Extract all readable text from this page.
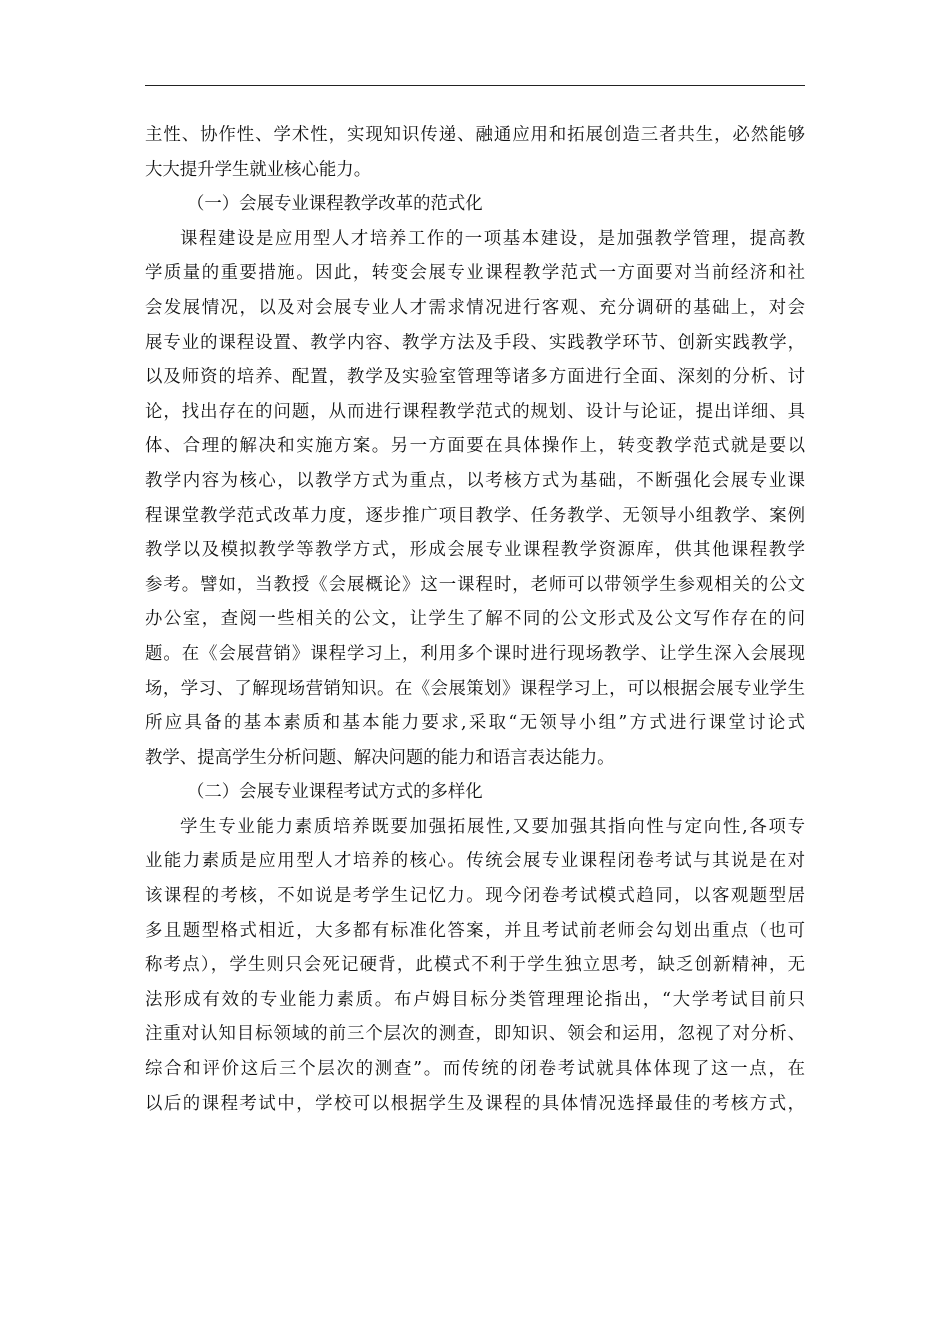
主性、协作性、学术性，实现知识传递、融通应用和拓展创造三者共生，必然能够
大大提升学生就业核心能力。
（一）会展专业课程教学改革的范式化
课程建设是应用型人才培养工作的一项基本建设，是加强教学管理，提高教
学质量的重要措施。因此，转变会展专业课程教学范式一方面要对当前经济和社
会发展情况，以及对会展专业人才需求情况进行客观、充分调研的基础上，对会
展专业的课程设置、教学内容、教学方法及手段、实践教学环节、创新实践教学，
以及师资的培养、配置，教学及实验室管理等诸多方面进行全面、深刻的分析、讨
论，找出存在的问题，从而进行课程教学范式的规划、设计与论证，提出详细、具
体、合理的解决和实施方案。另一方面要在具体操作上，转变教学范式就是要以
教学内容为核心，以教学方式为重点，以考核方式为基础，不断强化会展专业课
程课堂教学范式改革力度，逐步推广项目教学、任务教学、无领导小组教学、案例
教学以及模拟教学等教学方式，形成会展专业课程教学资源库，供其他课程教学
参考。譬如，当教授《会展概论》这一课程时，老师可以带领学生参观相关的公文
办公室，查阅一些相关的公文，让学生了解不同的公文形式及公文写作存在的问
题。在《会展营销》课程学习上，利用多个课时进行现场教学、让学生深入会展现
场，学习、了解现场营销知识。在《会展策划》课程学习上，可以根据会展专业学生
所应具备的基本素质和基本能力要求,采取“无领导小组”方式进行课堂讨论式
教学、提高学生分析问题、解决问题的能力和语言表达能力。
（二）会展专业课程考试方式的多样化
学生专业能力素质培养既要加强拓展性,又要加强其指向性与定向性,各项专
业能力素质是应用型人才培养的核心。传统会展专业课程闭卷考试与其说是在对
该课程的考核，不如说是考学生记忆力。现今闭卷考试模式趋同，以客观题型居
多且题型格式相近，大多都有标准化答案，并且考试前老师会勾划出重点（也可
称考点），学生则只会死记硬背，此模式不利于学生独立思考，缺乏创新精神，无
法形成有效的专业能力素质。布卢姆目标分类管理理论指出，“大学考试目前只
注重对认知目标领域的前三个层次的测查，即知识、领会和运用，忽视了对分析、
综合和评价这后三个层次的测查”。而传统的闭卷考试就具体体现了这一点，在
以后的课程考试中，学校可以根据学生及课程的具体情况选择最佳的考核方式，
